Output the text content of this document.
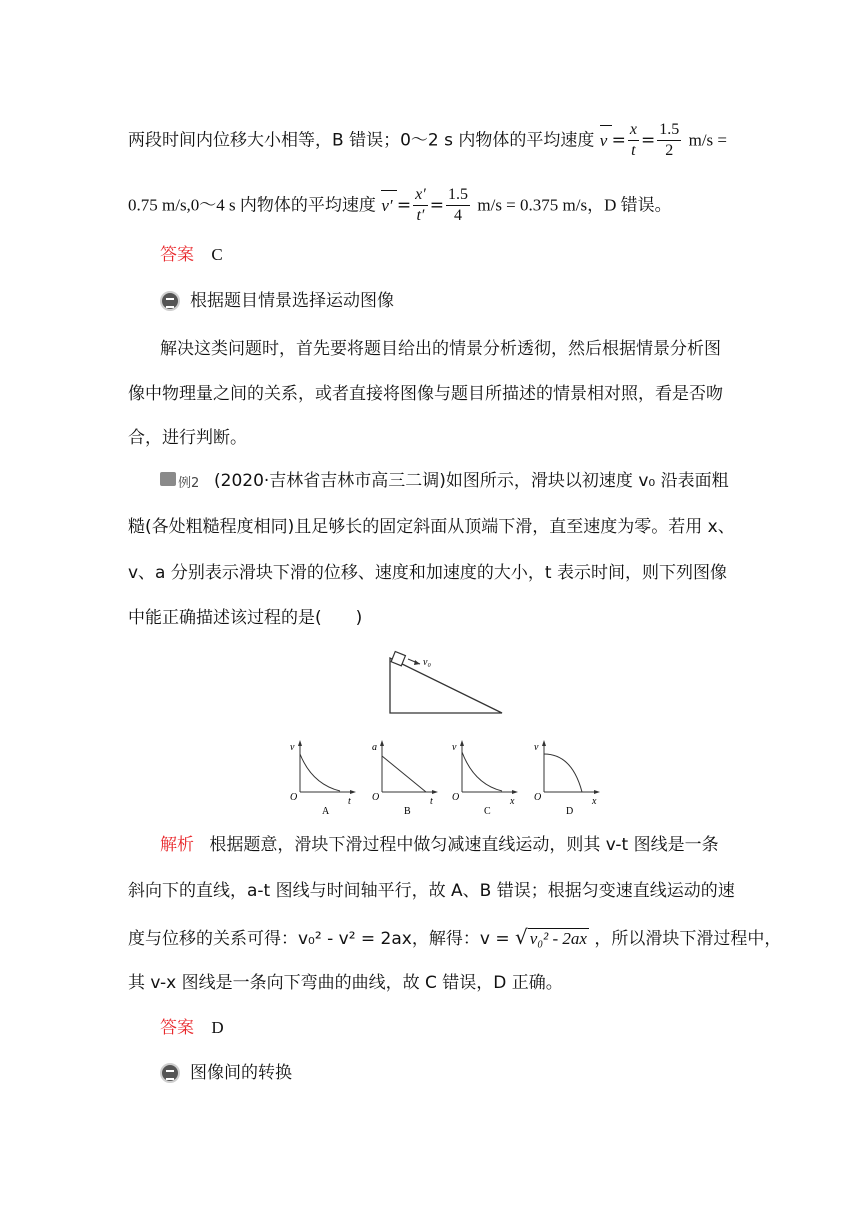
两段时间内位移大小相等，B 错误；0～2 s 内物体的平均速度 $v = \frac{x}{t} = \frac{1.5}{2} m/s$ =
0.75 m/s,0～4 s 内物体的平均速度 $v' = \frac{x'}{t'} = \frac{1.5}{4} m/s = 0.375$ m/s，D 错误。
答案 C
根据题目情景选择运动图像
解决这类问题时，首先要将题目给出的情景分析透彻，然后根据情景分析图
像中物理量之间的关系，或者直接将图像与题目所描述的情景相对照，看是否吻
合，进行判断。
例2 (2020·吉林省吉林市高三二调)如图所示，滑块以初速度 v₀ 沿表面粗
糙(各处粗糙程度相同)且足够长的固定斜面从顶端下滑，直至速度为零。若用 x、
v、a 分别表示滑块下滑的位移、速度和加速度的大小，t 表示时间，则下列图像
中能正确描述该过程的是(　　)
v₀
v
O	t
A
a
O	t
B
v
O	x
C
v
O	x
D
解析 根据题意，滑块下滑过程中做匀减速直线运动，则其 v-t 图线是一条
斜向下的直线，a-t 图线与时间轴平行，故 A、B 错误；根据匀变速直线运动的速
度与位移的关系可得：v₀² - v² = 2ax，解得：v = √ v₀² - 2ax ，所以滑块下滑过程中，
其 v-x 图线是一条向下弯曲的曲线，故 C 错误，D 正确。
答案 D
图像间的转换
